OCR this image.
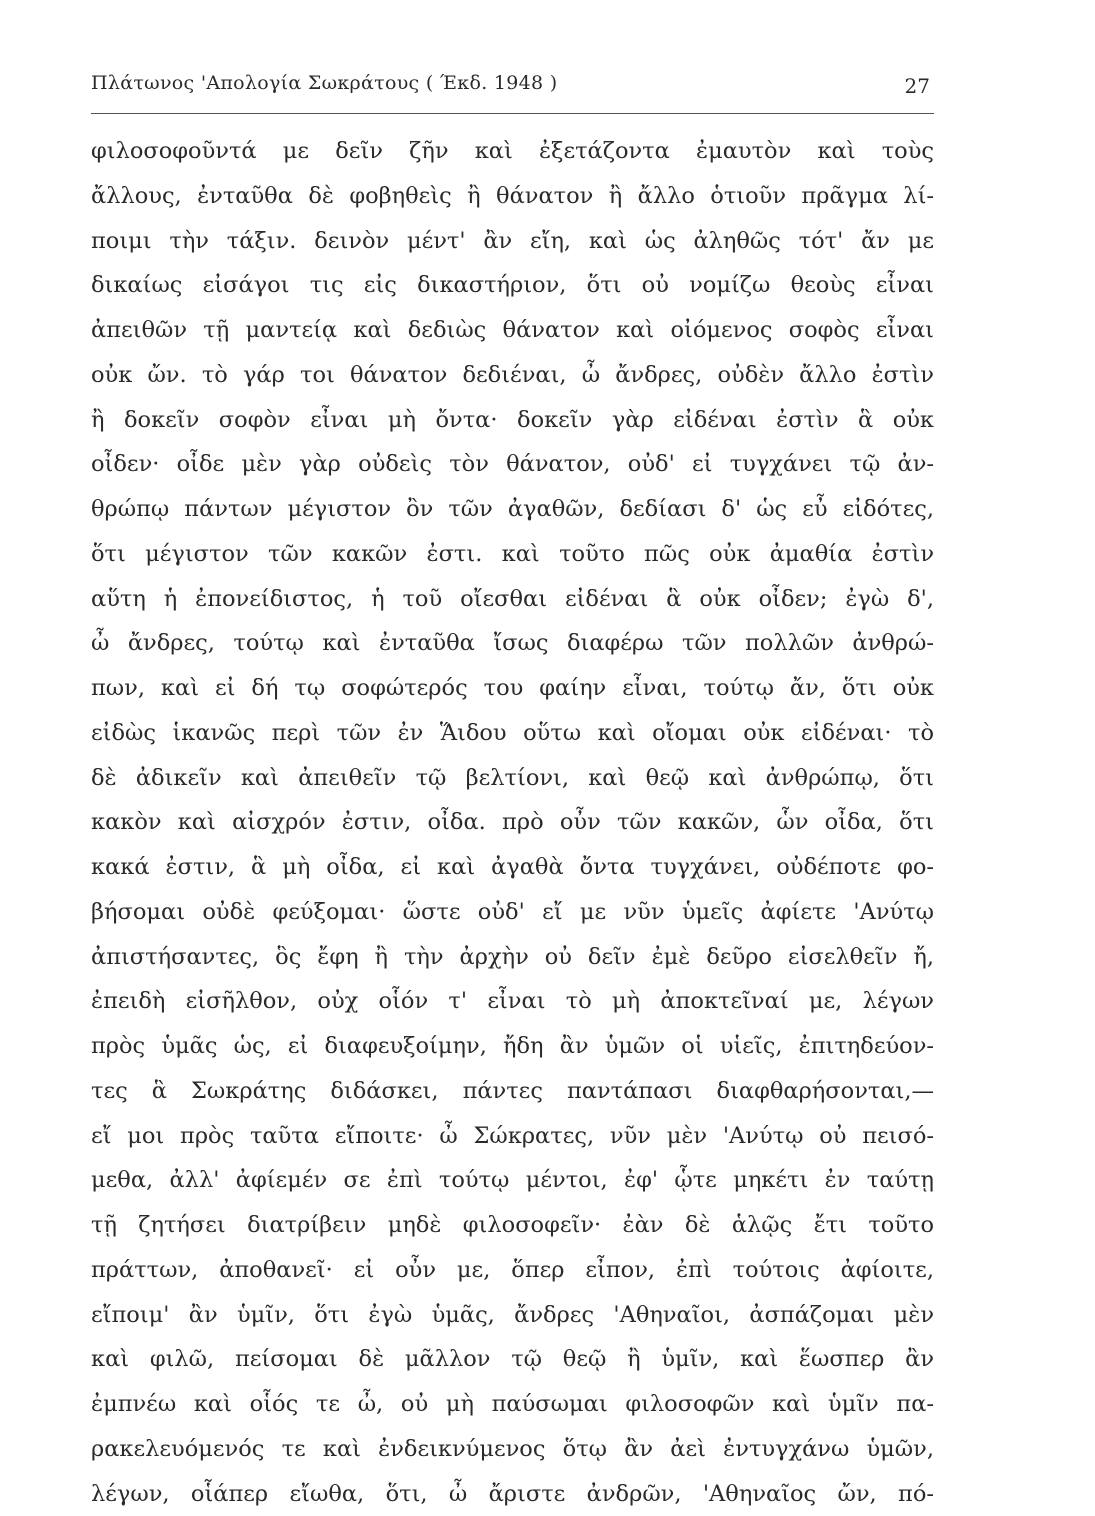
Πλάτωνος 'Απολογία Σωκράτους ( Έκδ. 1948 )	27
φιλοσοφοῦντά με δεῖν ζῆν καὶ ἐξετάζοντα ἐμαυτὸν καὶ τοὺς
ἄλλους, ἐνταῦθα δὲ φοβηθεὶς ἢ θάνατον ἢ ἄλλο ὁτιοῦν πρᾶγμα λί-
ποιμι τὴν τάξιν. δεινὸν μέντ' ἂν εἴη, καὶ ὡς ἀληθῶς τότ' ἄν με
δικαίως εἰσάγοι τις εἰς δικαστήριον, ὅτι οὐ νομίζω θεοὺς εἶναι
ἀπειθῶν τῇ μαντείᾳ καὶ δεδιὼς θάνατον καὶ οἰόμενος σοφὸς εἶναι
οὐκ ὤν. τὸ γάρ τοι θάνατον δεδιέναι, ὦ ἄνδρες, οὐδὲν ἄλλο ἐστὶν
ἢ δοκεῖν σοφὸν εἶναι μὴ ὄντα· δοκεῖν γὰρ εἰδέναι ἐστὶν ἃ οὐκ
οἶδεν· οἶδε μὲν γὰρ οὐδεὶς τὸν θάνατον, οὐδ' εἰ τυγχάνει τῷ ἀν-
θρώπῳ πάντων μέγιστον ὂν τῶν ἀγαθῶν, δεδίασι δ' ὡς εὖ εἰδότες,
ὅτι μέγιστον τῶν κακῶν ἐστι. καὶ τοῦτο πῶς οὐκ ἀμαθία ἐστὶν
αὕτη ἡ ἐπονείδιστος, ἡ τοῦ οἴεσθαι εἰδέναι ἃ οὐκ οἶδεν; ἐγὼ δ',
ὦ ἄνδρες, τούτῳ καὶ ἐνταῦθα ἴσως διαφέρω τῶν πολλῶν ἀνθρώ-
πων, καὶ εἰ δή τῳ σοφώτερός του φαίην εἶναι, τούτῳ ἄν, ὅτι οὐκ
εἰδὼς ἱκανῶς περὶ τῶν ἐν Ἅιδου οὕτω καὶ οἴομαι οὐκ εἰδέναι· τὸ
δὲ ἀδικεῖν καὶ ἀπειθεῖν τῷ βελτίονι, καὶ θεῷ καὶ ἀνθρώπῳ, ὅτι
κακὸν καὶ αἰσχρόν ἐστιν, οἶδα. πρὸ οὖν τῶν κακῶν, ὧν οἶδα, ὅτι
κακά ἐστιν, ἃ μὴ οἶδα, εἰ καὶ ἀγαθὰ ὄντα τυγχάνει, οὐδέποτε φο-
βήσομαι οὐδὲ φεύξομαι· ὥστε οὐδ' εἴ με νῦν ὑμεῖς ἀφίετε 'Ανύτῳ
ἀπιστήσαντες, ὃς ἔφη ἢ τὴν ἀρχὴν οὐ δεῖν ἐμὲ δεῦρο εἰσελθεῖν ἤ,
ἐπειδὴ εἰσῆλθον, οὐχ οἷόν τ' εἶναι τὸ μὴ ἀποκτεῖναί με, λέγων
πρὸς ὑμᾶς ὡς, εἰ διαφευξοίμην, ἤδη ἂν ὑμῶν οἱ υἱεῖς, ἐπιτηδεύον-
τες ἃ Σωκράτης διδάσκει, πάντες παντάπασι διαφθαρήσονται,—
εἴ μοι πρὸς ταῦτα εἴποιτε· ὦ Σώκρατες, νῦν μὲν 'Ανύτῳ οὐ πεισό-
μεθα, ἀλλ' ἀφίεμέν σε ἐπὶ τούτῳ μέντοι, ἐφ' ᾧτε μηκέτι ἐν ταύτῃ
τῇ ζητήσει διατρίβειν μηδὲ φιλοσοφεῖν· ἐὰν δὲ ἁλῷς ἔτι τοῦτο
πράττων, ἀποθανεῖ· εἰ οὖν με, ὅπερ εἶπον, ἐπὶ τούτοις ἀφίοιτε,
εἴποιμ' ἂν ὑμῖν, ὅτι ἐγὼ ὑμᾶς, ἄνδρες 'Αθηναῖοι, ἀσπάζομαι μὲν
καὶ φιλῶ, πείσομαι δὲ μᾶλλον τῷ θεῷ ἢ ὑμῖν, καὶ ἕωσπερ ἂν
ἐμπνέω καὶ οἷός τε ὦ, οὐ μὴ παύσωμαι φιλοσοφῶν καὶ ὑμῖν πα-
ρακελευόμενός τε καὶ ἐνδεικνύμενος ὅτῳ ἂν ἀεὶ ἐντυγχάνω ὑμῶν,
λέγων, οἷάπερ εἴωθα, ὅτι, ὦ ἄριστε ἀνδρῶν, 'Αθηναῖος ὤν, πό-
